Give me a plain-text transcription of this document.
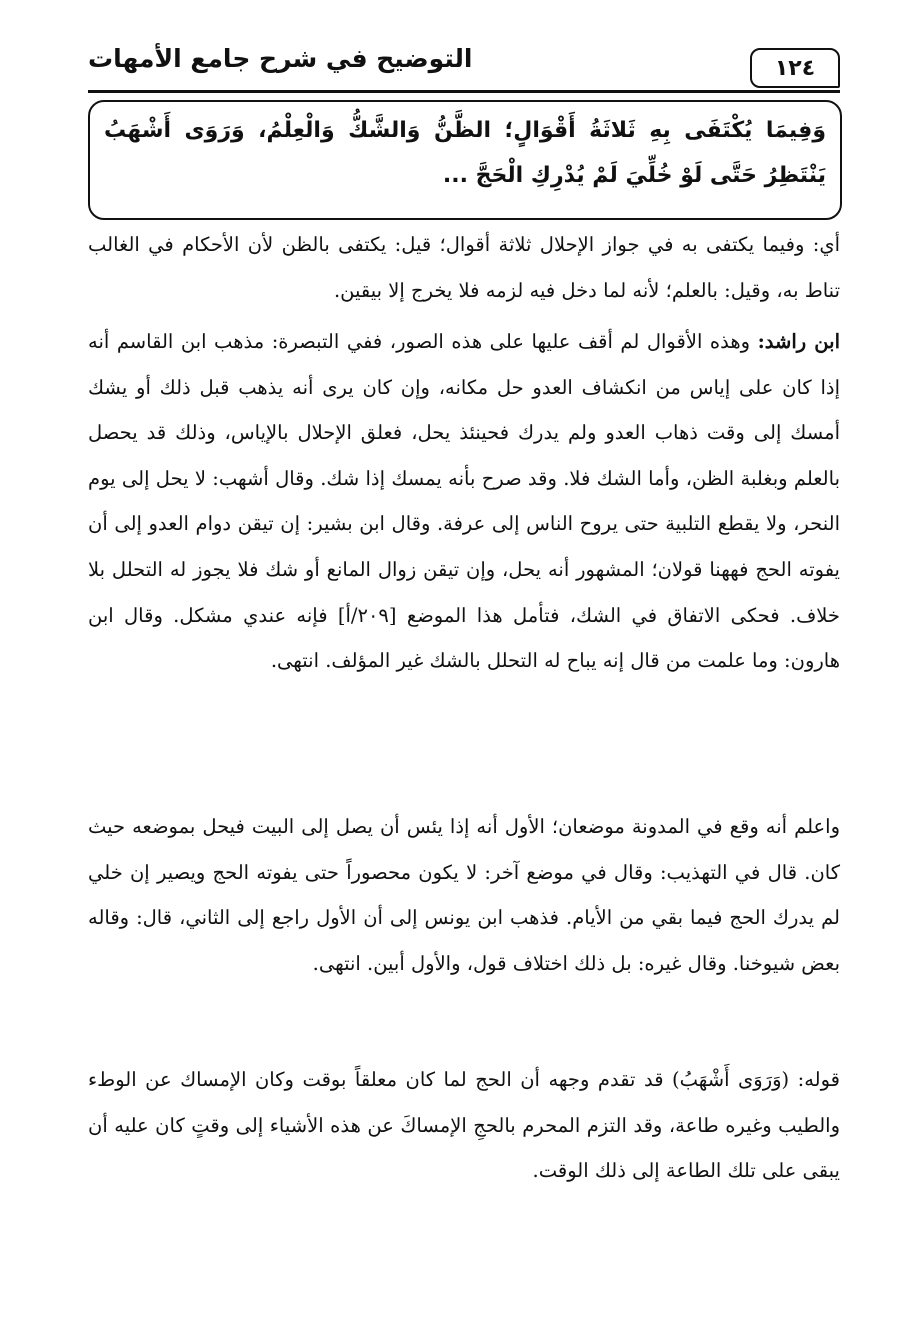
١٢٤
التوضيح في شرح جامع الأمهات
وَفِيمَا يُكْتَفَى بِهِ ثَلاثَةُ أَقْوَالٍ؛ الظَّنُّ وَالشَّكُّ وَالْعِلْمُ، وَرَوَى أَشْهَبُ يَنْتَظِرُ حَتَّى لَوْ خُلِّيَ لَمْ يُدْرِكِ الْحَجَّ ...
أي: وفيما يكتفى به في جواز الإحلال ثلاثة أقوال؛ قيل: يكتفى بالظن لأن الأحكام في الغالب تناط به، وقيل: بالعلم؛ لأنه لما دخل فيه لزمه فلا يخرج إلا بيقين.
ابن راشد: وهذه الأقوال لم أقف عليها على هذه الصور، ففي التبصرة: مذهب ابن القاسم أنه إذا كان على إياس من انكشاف العدو حل مكانه، وإن كان يرى أنه يذهب قبل ذلك أو يشك أمسك إلى وقت ذهاب العدو ولم يدرك فحينئذ يحل، فعلق الإحلال بالإياس، وذلك قد يحصل بالعلم وبغلبة الظن، وأما الشك فلا. وقد صرح بأنه يمسك إذا شك. وقال أشهب: لا يحل إلى يوم النحر، ولا يقطع التلبية حتى يروح الناس إلى عرفة. وقال ابن بشير: إن تيقن دوام العدو إلى أن يفوته الحج فههنا قولان؛ المشهور أنه يحل، وإن تيقن زوال المانع أو شك فلا يجوز له التحلل بلا خلاف. فحكى الاتفاق في الشك، فتأمل هذا الموضع [٢٠٩/أ] فإنه عندي مشكل. وقال ابن هارون: وما علمت من قال إنه يباح له التحلل بالشك غير المؤلف. انتهى.
واعلم أنه وقع في المدونة موضعان؛ الأول أنه إذا يئس أن يصل إلى البيت فيحل بموضعه حيث كان. قال في التهذيب: وقال في موضع آخر: لا يكون محصوراً حتى يفوته الحج ويصير إن خلي لم يدرك الحج فيما بقي من الأيام. فذهب ابن يونس إلى أن الأول راجع إلى الثاني، قال: وقاله بعض شيوخنا. وقال غيره: بل ذلك اختلاف قول، والأول أبين. انتهى.
قوله: (وَرَوَى أَشْهَبُ) قد تقدم وجهه أن الحج لما كان معلقاً بوقت وكان الإمساك عن الوطء والطيب وغيره طاعة، وقد التزم المحرم بالحجِ الإمساكَ عن هذه الأشياء إلى وقتٍ كان عليه أن يبقى على تلك الطاعة إلى ذلك الوقت.
